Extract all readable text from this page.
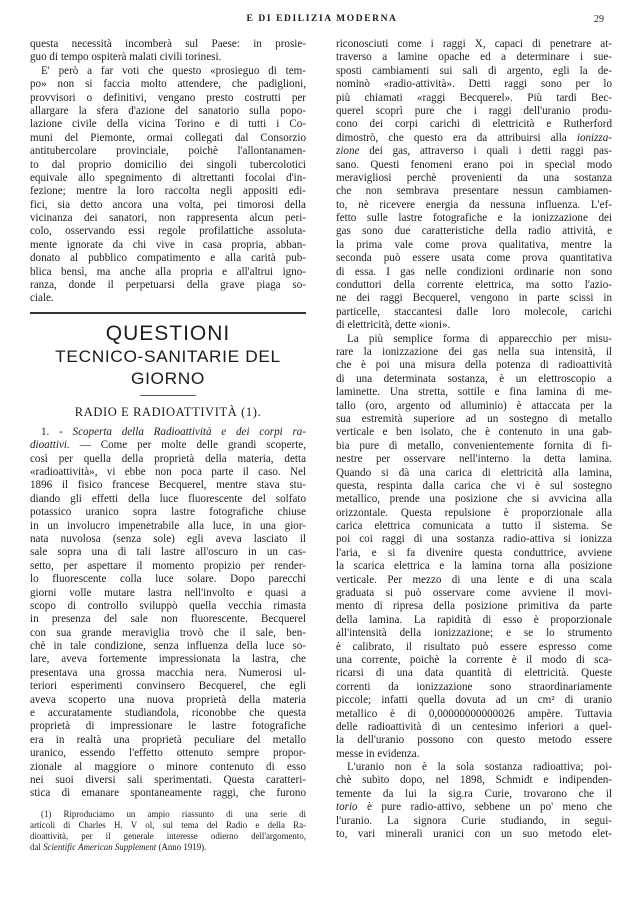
E DI EDILIZIA MODERNA	29
questa necessità incomberà sul Paese: in prosie-
guo di tempo ospiterà malati civili torinesi.
E' però a far voti che questo «prosieguo di tem-
po» non si faccia molto attendere, che padiglioni,
provvisori o definitivi, vengano presto costrutti per
allargare la sfera d'azione del sanatorio sulla popo-
lazione civile della vicina Torino e di tutti i Co-
muni del Piemonte, ormai collegati dal Consorzio
antitubercolare provinciale, poichè l'allontanamen-
to dal proprio domicilio dei singoli tubercolotici
equivale allo spegnimento di altrettanti focolai d'in-
fezione; mentre la loro raccolta negli appositi edi-
fici, sia detto ancora una volta, pei timorosi della
vicinanza dei sanatori, non rappresenta alcun peri-
colo, osservando essi regole profilattiche assoluta-
mente ignorate da chi vive in casa propria, abban-
donato al pubblico compatimento e alla carità pub-
blica bensì, ma anche alla propria e all'altrui igno-
ranza, donde il perpetuarsi della grave piaga so-
ciale.
QUESTIONI
TECNICO-SANITARIE DEL GIORNO
RADIO E RADIOATTIVITÀ (1).
1. - Scoperta della Radioattività e dei corpi ra-
dioattivi. — Come per molte delle grandi scoperte,
così per quella della proprietà della materia, detta
«radioattività», vi ebbe non poca parte il caso. Nel
1896 il fisico francese Becquerel, mentre stava stu-
diando gli effetti della luce fluorescente del solfato
potassico uranico sopra lastre fotografiche chiuse
in un involucro impenetrabile alla luce, in una gior-
nata nuvolosa (senza sole) egli aveva lasciato il
sale sopra una di tali lastre all'oscuro in un cas-
setto, per aspettare il momento propizio per render-
lo fluorescente colla luce solare. Dopo parecchi
giorni volle mutare lastra nell'involto e quasi a
scopo di controllo sviluppò quella vecchia rimasta
in presenza del sale non fluorescente. Becquerel
con sua grande meraviglia trovò che il sale, ben-
chè in tale condizione, senza influenza della luce so-
lare, aveva fortemente impressionata la lastra, che
presentava una grossa macchia nera. Numerosi ul-
teriori esperimenti convinsero Becquerel, che egli
aveva scoperto una nuova proprietà della materia
e accuratamente studiandola, riconobbe che questa
proprietà di impressionare le lastre fotografiche
era in realtà una proprietà peculiare del metallo
uranico, essendo l'effetto ottenuto sempre propor-
zionale al maggiore o minore contenuto di esso
nei suoi diversi sali sperimentati. Questa caratteri-
stica di emanare spontaneamente raggi, che furono
(1) Riproduciamo un ampio riassunto di una serie di
articoli di Charles H. V ol, sul tema del Radio e della Ra-
dioattività, per il generale interesse odierno dell'argomento,
dal Scientific American Supplement (Anno 1919).
riconosciuti come i raggi X, capaci di penetrare at-
traverso a lamine opache ed a determinare i sue-
sposti cambiamenti sui sali di argento, egli la de-
nominò «radio-attività». Detti raggi sono per lo
più chiamati «raggi Becquerel». Più tardi Bec-
querel scoprì pure che i raggi dell'uranio produ-
cono dei corpi carichi di elettricità e Rutherford
dimostrò, che questo era da attribuirsi alla ionizza-
zione dei gas, attraverso i quali i detti raggi pas-
sano. Questi fenomeni erano poi in special modo
meravigliosi perchè provenienti da una sostanza
che non sembrava presentare nessun cambiamen-
to, nè ricevere energia da nessuna influenza. L'ef-
fetto sulle lastre fotografiche e la ionizzazione dei
gas sono due caratteristiche della radio attività, e
la prima vale come prova qualitativa, mentre la
seconda può essere usata come prova quantitativa
di essa. I gas nelle condizioni ordinarie non sono
conduttori della corrente elettrica, ma sotto l'azio-
ne dei raggi Becquerel, vengono in parte scissi in
particelle, staccantesi dalle loro molecole, carichi
di elettricità, dette «ioni».
La più semplice forma di apparecchio per misu-
rare la ionizzazione dei gas nella sua intensità, il
che è poi una misura della potenza di radioattività
di una determinata sostanza, è un elettroscopio a
laminette. Una stretta, sottile e fina lamina di me-
tallo (oro, argento od alluminio) è attaccata per la
sua estremità superiore ad un sostegno di metallo
verticale e ben isolato, che è contenuto in una gab-
bia pure di metallo, convenientemente fornita di fi-
nestre per osservare nell'interno la detta lamina.
Quando si dà una carica di elettricità alla lamina,
questa, respinta dalla carica che vi è sul sostegno
metallico, prende una posizione che si avvicina alla
orizzontale. Questa repulsione è proporzionale alla
carica elettrica comunicata a tutto il sistema. Se
poi coi raggi di una sostanza radio-attiva si ionizza
l'aria, e si fa divenire questa conduttrice, avviene
la scarica elettrica e la lamina torna alla posizione
verticale. Per mezzo di una lente e di una scala
graduata si può osservare come avviene il movi-
mento di ripresa della posizione primitiva da parte
della lamina. La rapidità di esso è proporzionale
all'intensità della ionizzazione; e se lo strumento
è calibrato, il risultato può essere espresso come
una corrente, poichè la corrente è il modo di sca-
ricarsi di una data quantità di elettricità. Queste
correnti da ionizzazione sono straordinariamente
piccole; infatti quella dovuta ad un cm² di uranio
metallico è di 0,00000000000026 ampère. Tuttavia
delle radioattività di un centesimo inferiori a quel-
la dell'uranio possono con questo metodo essere
messe in evidenza.
L'uranio non è la sola sostanza radioattiva; poi-
chè subito dopo, nel 1898, Schmidt e indipenden-
temente da lui la sig.ra Curie, trovarono che il
torio è pure radio-attivo, sebbene un po' meno che
l'uranio. La signora Curie studiando, in segui-
to, vari minerali uranici con un suo metodo elet-
